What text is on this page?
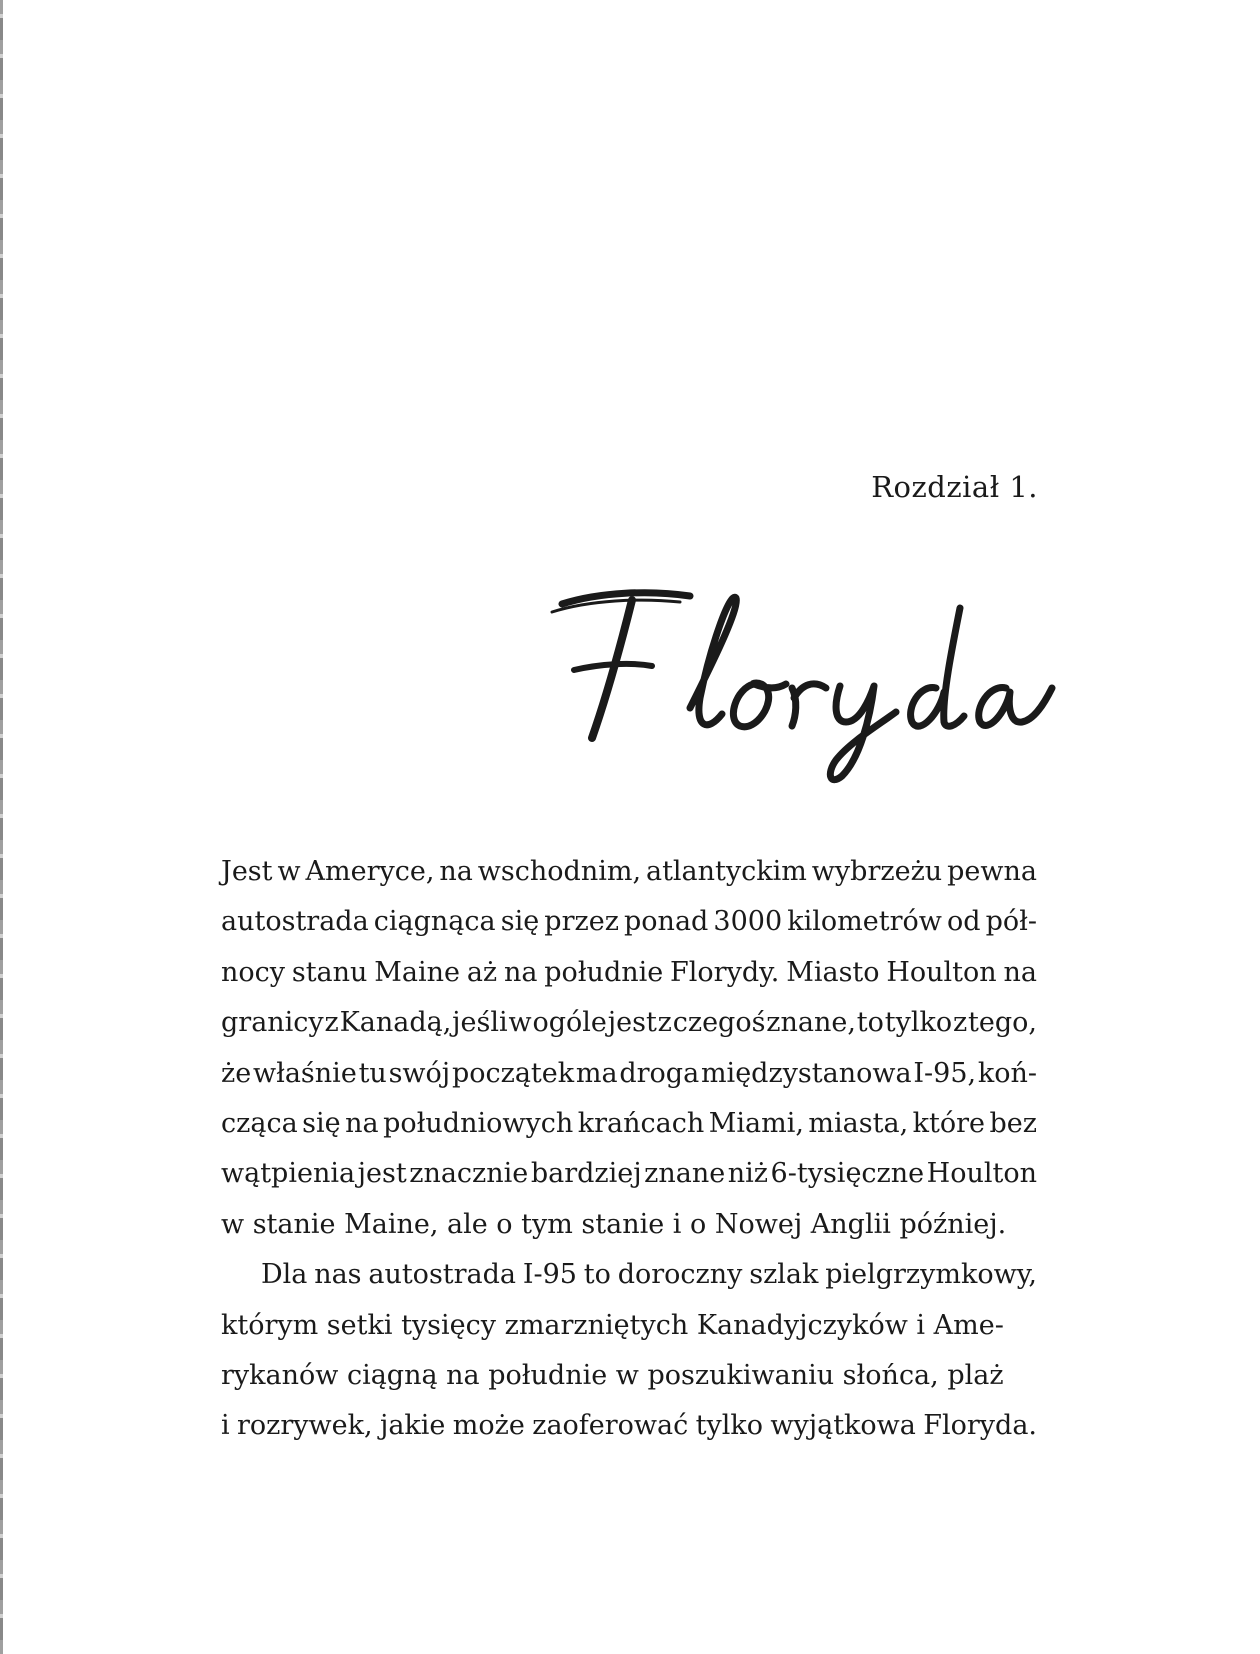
Rozdział 1.

Jest w Ameryce, na wschodnim, atlantyckim wybrzeżu pewna
autostrada ciągnąca się przez ponad 3000 kilometrów od pół-
nocy stanu Maine aż na południe Florydy. Miasto Houlton na
granicy z Kanadą, jeśli w ogóle jest z czegoś znane, to tylko z tego,
że właśnie tu swój początek ma droga międzystanowa I-95, koń-
cząca się na południowych krańcach Miami, miasta, które bez
wątpienia jest znacznie bardziej znane niż 6-tysięczne Houlton
w stanie Maine, ale o tym stanie i o Nowej Anglii później.

Dla nas autostrada I-95 to doroczny szlak pielgrzymkowy,
którym setki tysięcy zmarzniętych Kanadyjczyków i Ame-
rykanów ciągną na południe w poszukiwaniu słońca, plaż
i rozrywek, jakie może zaoferować tylko wyjątkowa Floryda.
